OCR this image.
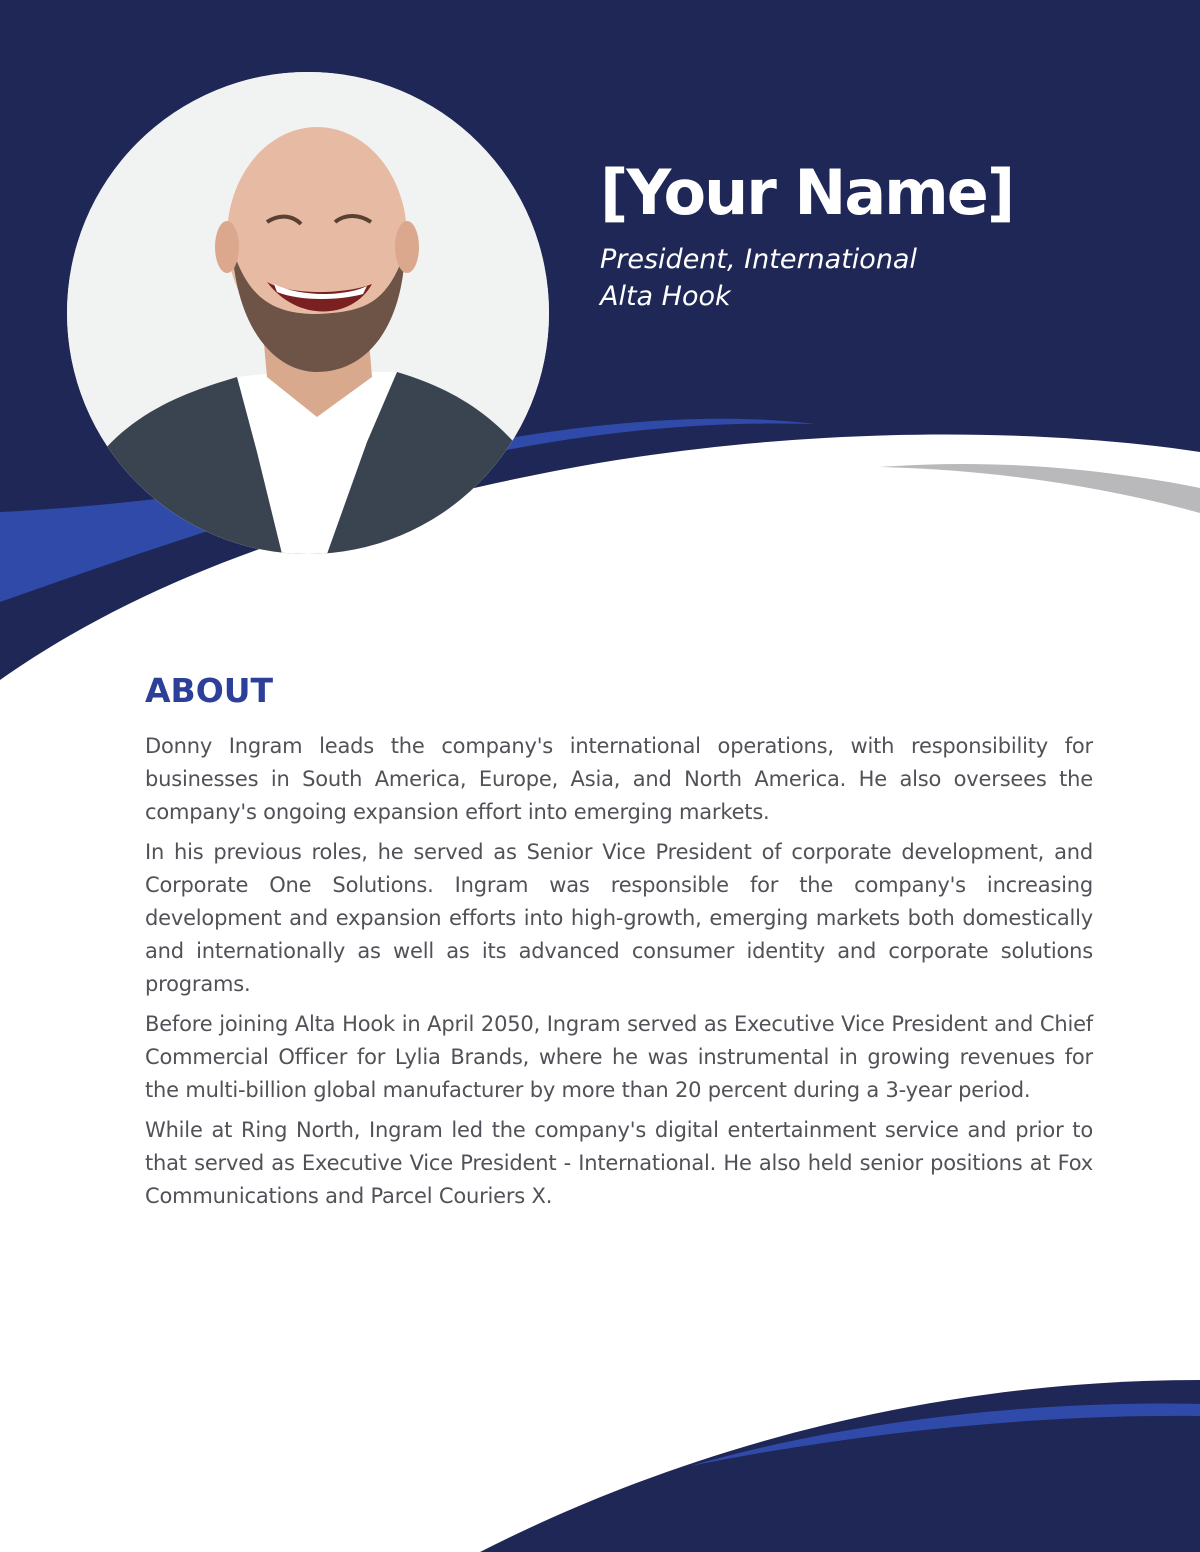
[Your Name]
President, International
Alta Hook
ABOUT

Donny Ingram leads the company's international operations, with responsibility for businesses in South America, Europe, Asia, and North America. He also oversees the company's ongoing expansion effort into emerging markets.

In his previous roles, he served as Senior Vice President of corporate development, and Corporate One Solutions. Ingram was responsible for the company's increasing development and expansion efforts into high-growth, emerging markets both domestically and internationally as well as its advanced consumer identity and corporate solutions programs.

Before joining Alta Hook in April 2050, Ingram served as Executive Vice President and Chief Commercial Officer for Lylia Brands, where he was instrumental in growing revenues for the multi-billion global manufacturer by more than 20 percent during a 3-year period.

While at Ring North, Ingram led the company's digital entertainment service and prior to that served as Executive Vice President - International. He also held senior positions at Fox Communications and Parcel Couriers X.
